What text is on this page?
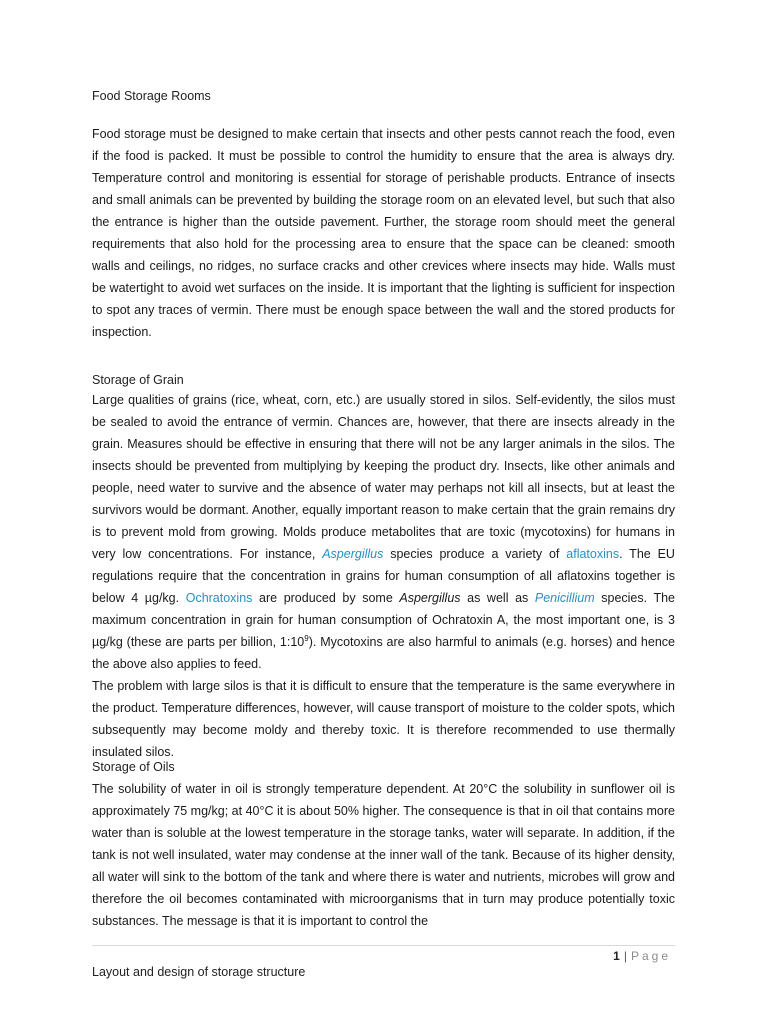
Food Storage Rooms

Food storage must be designed to make certain that insects and other pests cannot reach the food, even if the food is packed. It must be possible to control the humidity to ensure that the area is always dry. Temperature control and monitoring is essential for storage of perishable products. Entrance of insects and small animals can be prevented by building the storage room on an elevated level, but such that also the entrance is higher than the outside pavement. Further, the storage room should meet the general requirements that also hold for the processing area to ensure that the space can be cleaned: smooth walls and ceilings, no ridges, no surface cracks and other crevices where insects may hide. Walls must be watertight to avoid wet surfaces on the inside. It is important that the lighting is sufficient for inspection to spot any traces of vermin. There must be enough space between the wall and the stored products for inspection.

Storage of Grain

Large qualities of grains (rice, wheat, corn, etc.) are usually stored in silos. Self-evidently, the silos must be sealed to avoid the entrance of vermin. Chances are, however, that there are insects already in the grain. Measures should be effective in ensuring that there will not be any larger animals in the silos. The insects should be prevented from multiplying by keeping the product dry. Insects, like other animals and people, need water to survive and the absence of water may perhaps not kill all insects, but at least the survivors would be dormant. Another, equally important reason to make certain that the grain remains dry is to prevent mold from growing. Molds produce metabolites that are toxic (mycotoxins) for humans in very low concentrations. For instance, Aspergillus species produce a variety of aflatoxins. The EU regulations require that the concentration in grains for human consumption of all aflatoxins together is below 4 µg/kg. Ochratoxins are produced by some Aspergillus as well as Penicillium species. The maximum concentration in grain for human consumption of Ochratoxin A, the most important one, is 3 µg/kg (these are parts per billion, $1:10^9$). Mycotoxins are also harmful to animals (e.g. horses) and hence the above also applies to feed.

The problem with large silos is that it is difficult to ensure that the temperature is the same everywhere in the product. Temperature differences, however, will cause transport of moisture to the colder spots, which subsequently may become moldy and thereby toxic. It is therefore recommended to use thermally insulated silos.

Storage of Oils

The solubility of water in oil is strongly temperature dependent. At 20°C the solubility in sunflower oil is approximately 75 mg/kg; at 40°C it is about 50% higher. The consequence is that in oil that contains more water than is soluble at the lowest temperature in the storage tanks, water will separate. In addition, if the tank is not well insulated, water may condense at the inner wall of the tank. Because of its higher density, all water will sink to the bottom of the tank and where there is water and nutrients, microbes will grow and therefore the oil becomes contaminated with microorganisms that in turn may produce potentially toxic substances. The message is that it is important to control the

1 | Page
Layout and design of storage structure
